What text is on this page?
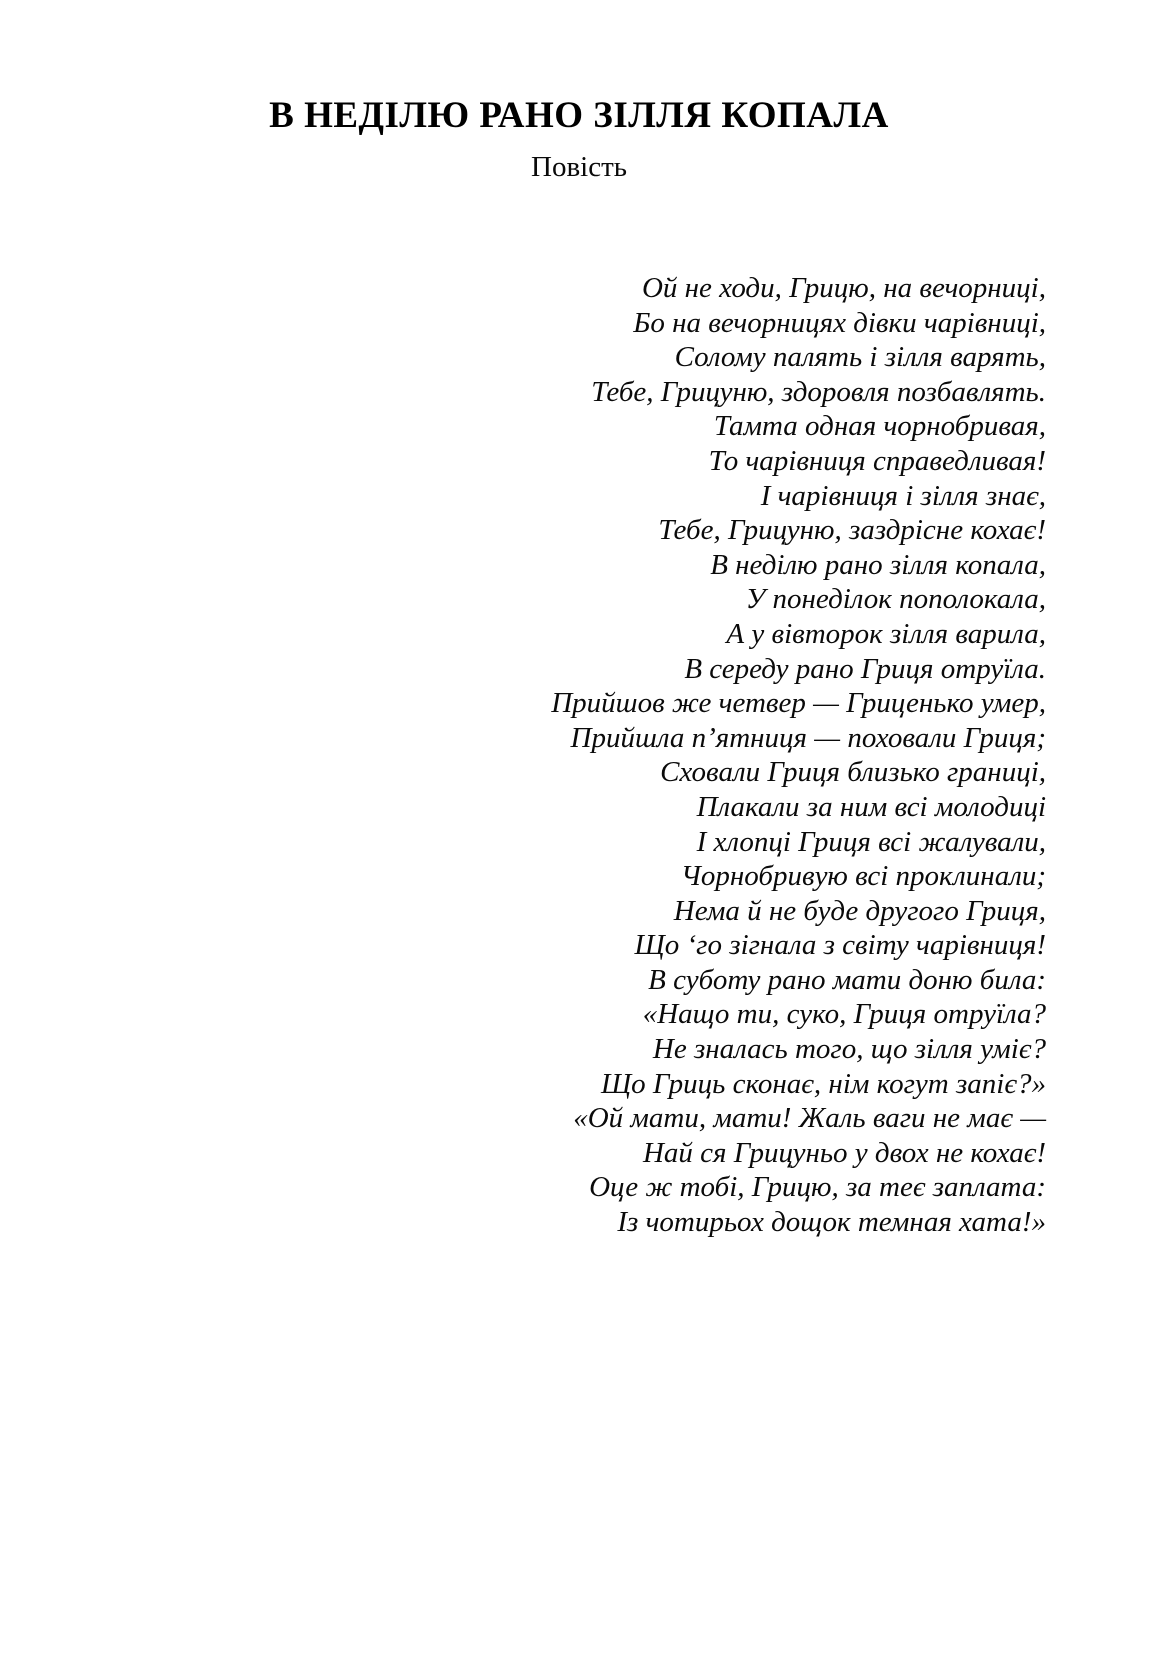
В НЕДІЛЮ РАНО ЗІЛЛЯ КОПАЛА
Повість
Ой не ходи, Грицю, на вечорниці,
Бо на вечорницях дівки чарівниці,
Солому палять і зілля варять,
Тебе, Грицуню, здоровля позбавлять.
Тамта одная чорнобривая,
То чарівниця справедливая!
І чарівниця і зілля знає,
Тебе, Грицуню, заздрісне кохає!
В неділю рано зілля копала,
У понеділок пополокала,
А у вівторок зілля варила,
В середу рано Гриця отруїла.
Прийшов же четвер — Гриценько умер,
Прийшла п’ятниця — поховали Гриця;
Сховали Гриця близько границі,
Плакали за ним всі молодиці
І хлопці Гриця всі жалували,
Чорнобривую всі проклинали;
Нема й не буде другого Гриця,
Що ‘го зігнала з світу чарівниця!
В суботу рано мати доню била:
«Нащо ти, суко, Гриця отруїла?
Не зналась того, що зілля уміє?
Що Гриць сконає, нім когут запіє?»
«Ой мати, мати! Жаль ваги не має —
Най ся Грицуньо у двох не кохає!
Оце ж тобі, Грицю, за теє заплата:
Із чотирьох дощок темная хата!»
